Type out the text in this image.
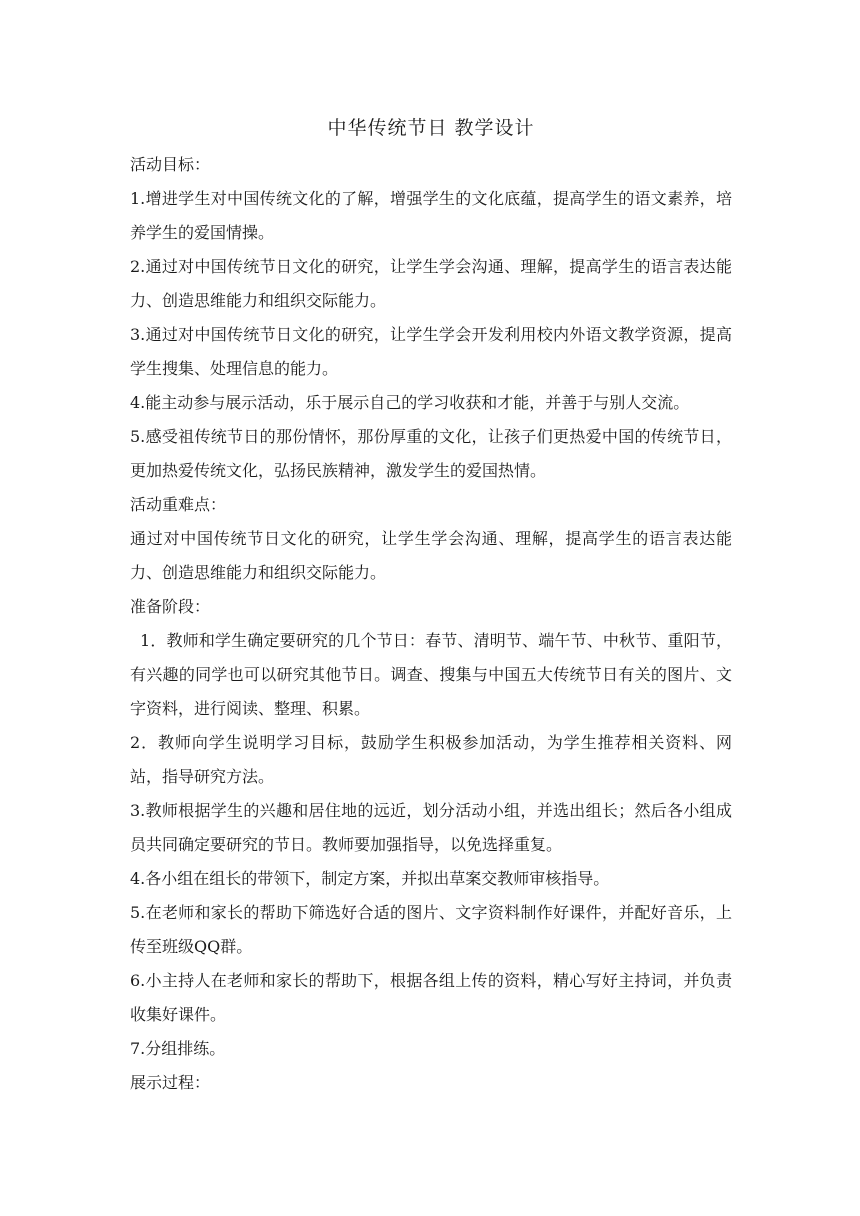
中华传统节日 教学设计

活动目标：

1.增进学生对中国传统文化的了解，增强学生的文化底蕴，提高学生的语文素养，培养学生的爱国情操。

2.通过对中国传统节日文化的研究，让学生学会沟通、理解，提高学生的语言表达能力、创造思维能力和组织交际能力。

3.通过对中国传统节日文化的研究，让学生学会开发利用校内外语文教学资源，提高学生搜集、处理信息的能力。

4.能主动参与展示活动，乐于展示自己的学习收获和才能，并善于与别人交流。

5.感受祖传统节日的那份情怀，那份厚重的文化，让孩子们更热爱中国的传统节日，更加热爱传统文化，弘扬民族精神，激发学生的爱国热情。

活动重难点：

通过对中国传统节日文化的研究，让学生学会沟通、理解，提高学生的语言表达能力、创造思维能力和组织交际能力。

准备阶段：

1．教师和学生确定要研究的几个节日：春节、清明节、端午节、中秋节、重阳节，有兴趣的同学也可以研究其他节日。调查、搜集与中国五大传统节日有关的图片、文字资料，进行阅读、整理、积累。

2．教师向学生说明学习目标，鼓励学生积极参加活动，为学生推荐相关资料、网站，指导研究方法。

3.教师根据学生的兴趣和居住地的远近，划分活动小组，并选出组长；然后各小组成员共同确定要研究的节日。教师要加强指导，以免选择重复。

4.各小组在组长的带领下，制定方案，并拟出草案交教师审核指导。

5.在老师和家长的帮助下筛选好合适的图片、文字资料制作好课件，并配好音乐，上传至班级QQ群。

6.小主持人在老师和家长的帮助下，根据各组上传的资料，精心写好主持词，并负责收集好课件。

7.分组排练。

展示过程：
